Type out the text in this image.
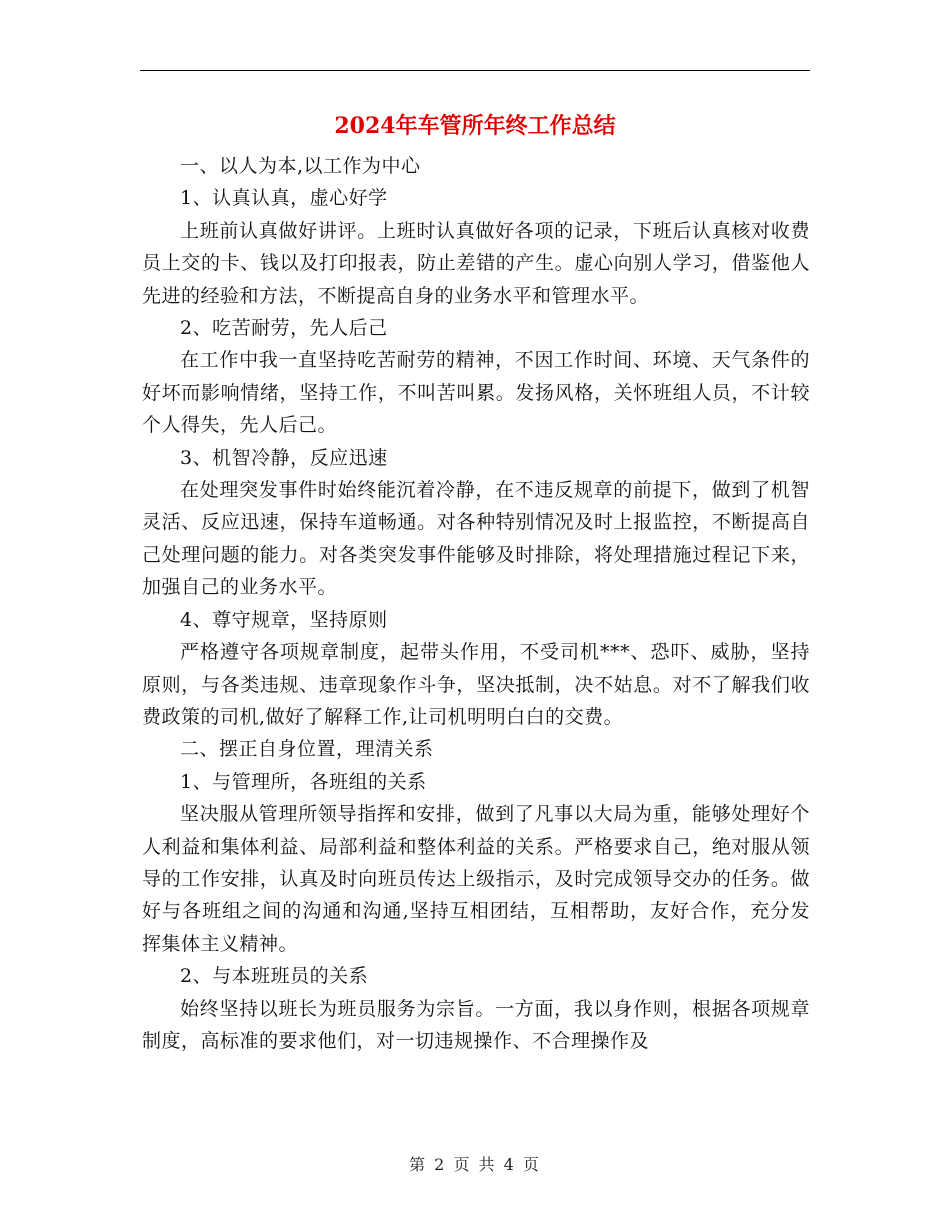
2024年车管所年终工作总结

一、以人为本,以工作为中心

1、认真认真，虚心好学

上班前认真做好讲评。上班时认真做好各项的记录，下班后认真核对收费员上交的卡、钱以及打印报表，防止差错的产生。虚心向别人学习，借鉴他人先进的经验和方法，不断提高自身的业务水平和管理水平。

2、吃苦耐劳，先人后己

在工作中我一直坚持吃苦耐劳的精神，不因工作时间、环境、天气条件的好坏而影响情绪，坚持工作，不叫苦叫累。发扬风格，关怀班组人员，不计较个人得失，先人后己。

3、机智冷静，反应迅速

在处理突发事件时始终能沉着冷静，在不违反规章的前提下，做到了机智灵活、反应迅速，保持车道畅通。对各种特别情况及时上报监控，不断提高自己处理问题的能力。对各类突发事件能够及时排除，将处理措施过程记下来，加强自己的业务水平。

4、尊守规章，坚持原则

严格遵守各项规章制度，起带头作用，不受司机***、恐吓、威胁，坚持原则，与各类违规、违章现象作斗争，坚决抵制，决不姑息。对不了解我们收费政策的司机,做好了解释工作,让司机明明白白的交费。

二、摆正自身位置，理清关系

1、与管理所，各班组的关系

坚决服从管理所领导指挥和安排，做到了凡事以大局为重，能够处理好个人利益和集体利益、局部利益和整体利益的关系。严格要求自己，绝对服从领导的工作安排，认真及时向班员传达上级指示，及时完成领导交办的任务。做好与各班组之间的沟通和沟通,坚持互相团结，互相帮助，友好合作，充分发挥集体主义精神。

2、与本班班员的关系

始终坚持以班长为班员服务为宗旨。一方面，我以身作则，根据各项规章制度，高标准的要求他们，对一切违规操作、不合理操作及

第 2 页 共 4 页
